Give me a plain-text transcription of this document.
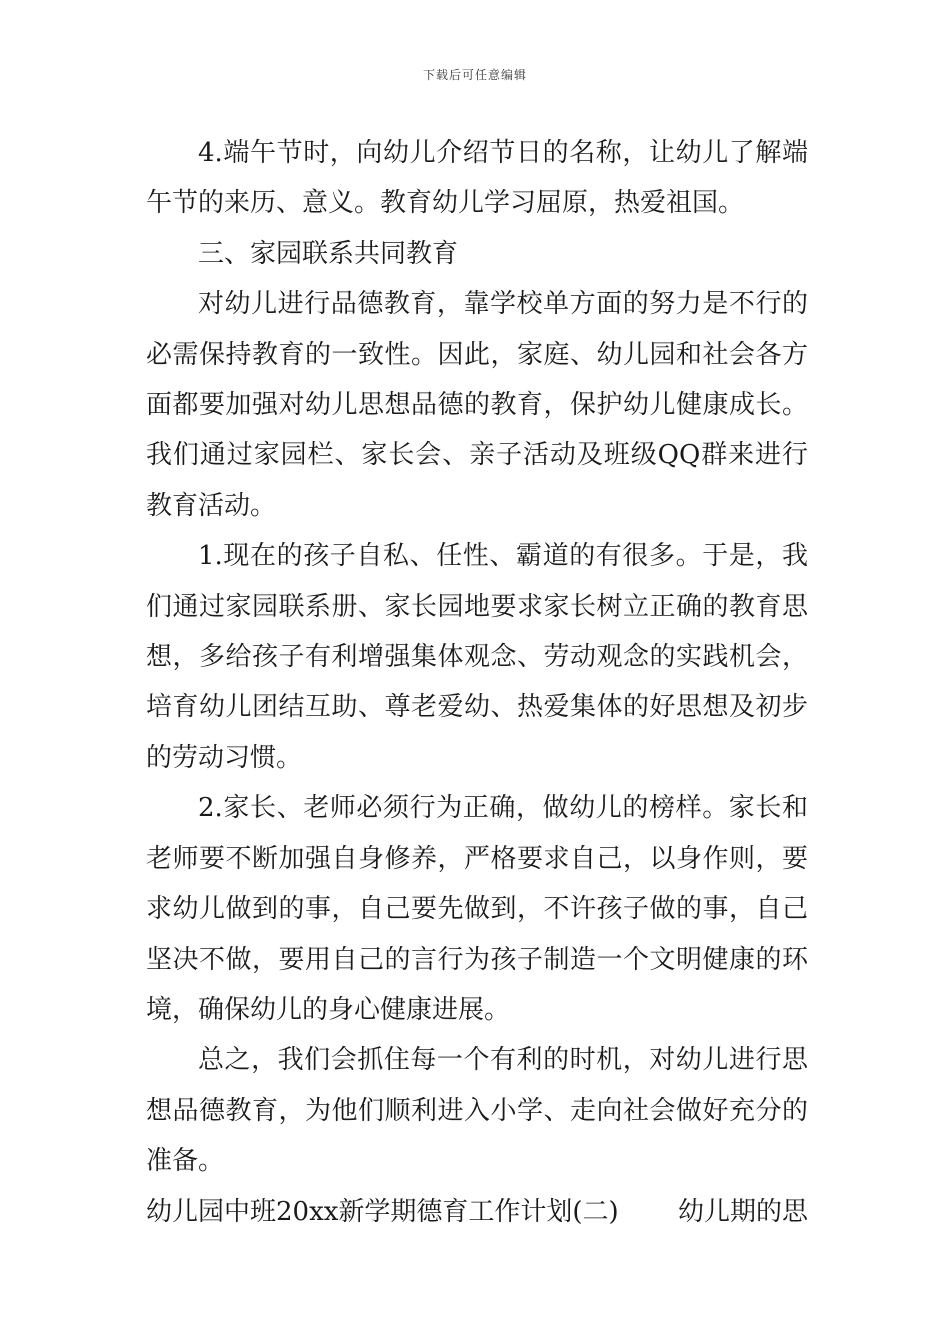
下载后可任意编辑

4.端午节时，向幼儿介绍节日的名称，让幼儿了解端午节的来历、意义。教育幼儿学习屈原，热爱祖国。

三、家园联系共同教育

对幼儿进行品德教育，靠学校单方面的努力是不行的必需保持教育的一致性。因此，家庭、幼儿园和社会各方面都要加强对幼儿思想品德的教育，保护幼儿健康成长。我们通过家园栏、家长会、亲子活动及班级QQ群来进行教育活动。

1.现在的孩子自私、任性、霸道的有很多。于是，我们通过家园联系册、家长园地要求家长树立正确的教育思想，多给孩子有利增强集体观念、劳动观念的实践机会，培育幼儿团结互助、尊老爱幼、热爱集体的好思想及初步的劳动习惯。

2.家长、老师必须行为正确，做幼儿的榜样。家长和老师要不断加强自身修养，严格要求自己，以身作则，要求幼儿做到的事，自己要先做到，不许孩子做的事，自己坚决不做，要用自己的言行为孩子制造一个文明健康的环境，确保幼儿的身心健康进展。

总之，我们会抓住每一个有利的时机，对幼儿进行思想品德教育，为他们顺利进入小学、走向社会做好充分的准备。

幼儿园中班20xx新学期德育工作计划(二) 幼儿期的思
